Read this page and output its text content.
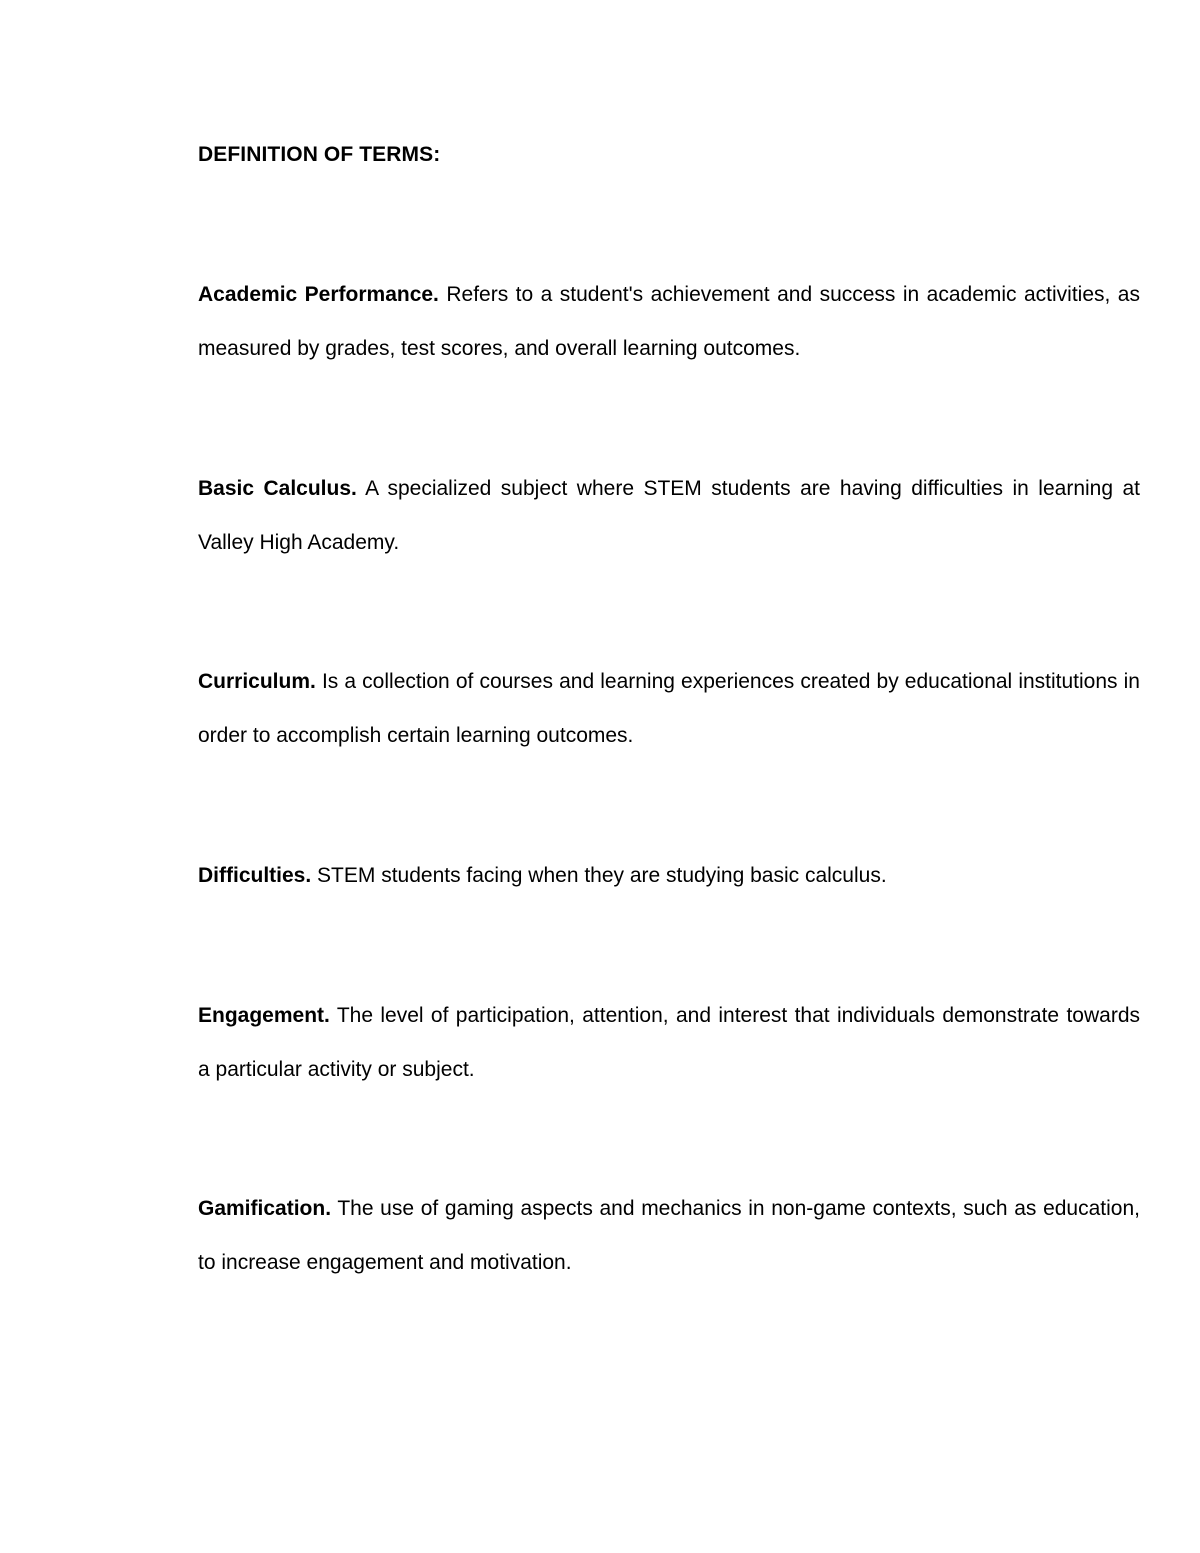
DEFINITION OF TERMS:

Academic Performance. Refers to a student's achievement and success in academic activities, as measured by grades, test scores, and overall learning outcomes.

Basic Calculus. A specialized subject where STEM students are having difficulties in learning at Valley High Academy.

Curriculum. Is a collection of courses and learning experiences created by educational institutions in order to accomplish certain learning outcomes.

Difficulties. STEM students facing when they are studying basic calculus.

Engagement. The level of participation, attention, and interest that individuals demonstrate towards a particular activity or subject.

Gamification. The use of gaming aspects and mechanics in non-game contexts, such as education, to increase engagement and motivation.
